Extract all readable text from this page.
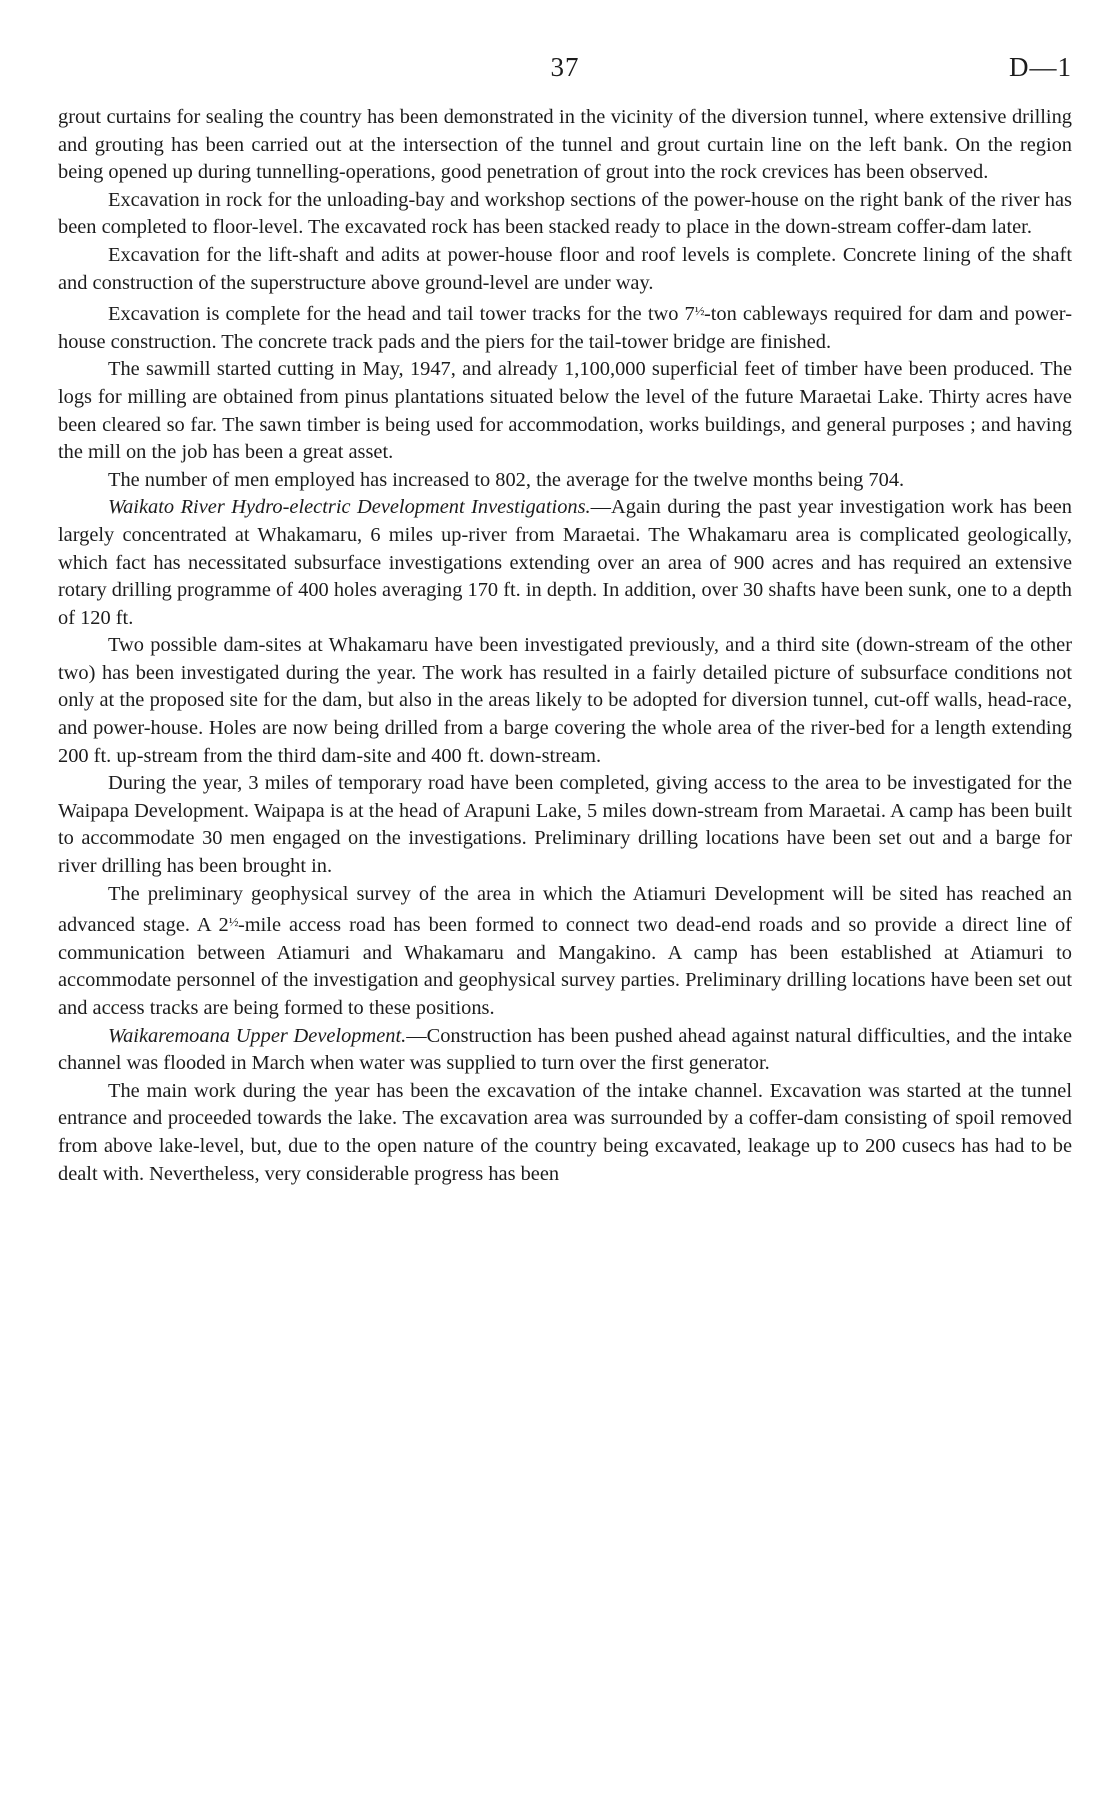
37	D—1

grout curtains for sealing the country has been demonstrated in the vicinity of the diversion tunnel, where extensive drilling and grouting has been carried out at the intersection of the tunnel and grout curtain line on the left bank. On the region being opened up during tunnelling-operations, good penetration of grout into the rock crevices has been observed.

Excavation in rock for the unloading-bay and workshop sections of the power-house on the right bank of the river has been completed to floor-level. The excavated rock has been stacked ready to place in the down-stream coffer-dam later.

Excavation for the lift-shaft and adits at power-house floor and roof levels is complete. Concrete lining of the shaft and construction of the superstructure above ground-level are under way.

Excavation is complete for the head and tail tower tracks for the two $7^{\frac{1}{2}}$-ton cableways required for dam and power-house construction. The concrete track pads and the piers for the tail-tower bridge are finished.

The sawmill started cutting in May, 1947, and already 1,100,000 superficial feet of timber have been produced. The logs for milling are obtained from pinus plantations situated below the level of the future Maraetai Lake. Thirty acres have been cleared so far. The sawn timber is being used for accommodation, works buildings, and general purposes ; and having the mill on the job has been a great asset.

The number of men employed has increased to 802, the average for the twelve months being 704.

Waikato River Hydro-electric Development Investigations.—Again during the past year investigation work has been largely concentrated at Whakamaru, 6 miles up-river from Maraetai. The Whakamaru area is complicated geologically, which fact has necessitated subsurface investigations extending over an area of 900 acres and has required an extensive rotary drilling programme of 400 holes averaging 170 ft. in depth. In addition, over 30 shafts have been sunk, one to a depth of 120 ft.

Two possible dam-sites at Whakamaru have been investigated previously, and a third site (down-stream of the other two) has been investigated during the year. The work has resulted in a fairly detailed picture of subsurface conditions not only at the proposed site for the dam, but also in the areas likely to be adopted for diversion tunnel, cut-off walls, head-race, and power-house. Holes are now being drilled from a barge covering the whole area of the river-bed for a length extending 200 ft. up-stream from the third dam-site and 400 ft. down-stream.

During the year, 3 miles of temporary road have been completed, giving access to the area to be investigated for the Waipapa Development. Waipapa is at the head of Arapuni Lake, 5 miles down-stream from Maraetai. A camp has been built to accommodate 30 men engaged on the investigations. Preliminary drilling locations have been set out and a barge for river drilling has been brought in.

The preliminary geophysical survey of the area in which the Atiamuri Development will be sited has reached an advanced stage. A $2^{\frac{1}{2}}$-mile access road has been formed to connect two dead-end roads and so provide a direct line of communication between Atiamuri and Whakamaru and Mangakino. A camp has been established at Atiamuri to accommodate personnel of the investigation and geophysical survey parties. Preliminary drilling locations have been set out and access tracks are being formed to these positions.

Waikaremoana Upper Development.—Construction has been pushed ahead against natural difficulties, and the intake channel was flooded in March when water was supplied to turn over the first generator.

The main work during the year has been the excavation of the intake channel. Excavation was started at the tunnel entrance and proceeded towards the lake. The excavation area was surrounded by a coffer-dam consisting of spoil removed from above lake-level, but, due to the open nature of the country being excavated, leakage up to 200 cusecs has had to be dealt with. Nevertheless, very considerable progress has been
